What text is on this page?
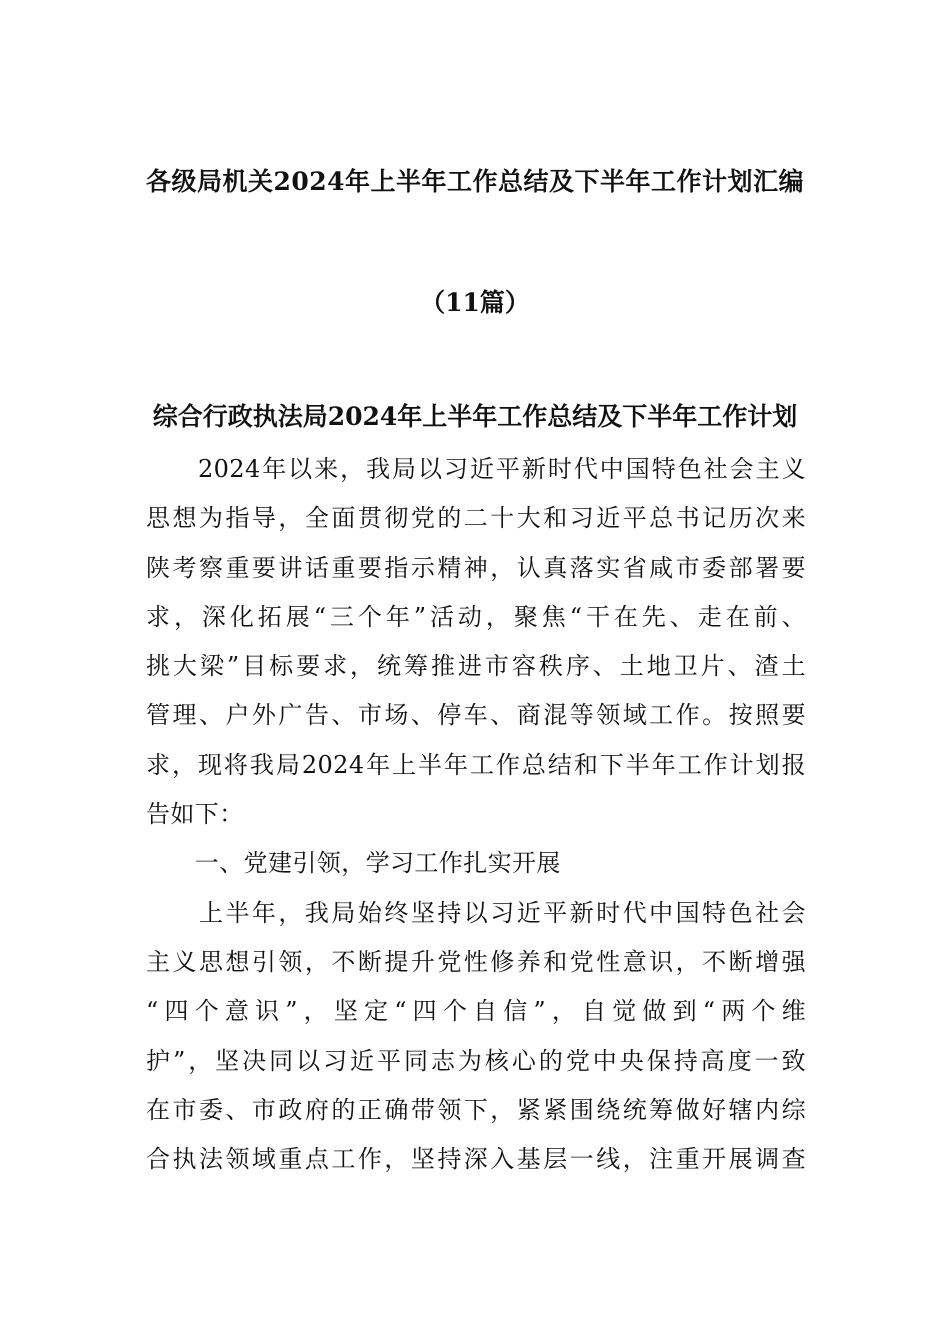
各级局机关2024年上半年工作总结及下半年工作计划汇编
（11篇）
综合行政执法局2024年上半年工作总结及下半年工作计划
　　2024年以来，我局以习近平新时代中国特色社会主义
思想为指导，全面贯彻党的二十大和习近平总书记历次来
陕考察重要讲话重要指示精神，认真落实省咸市委部署要
求，深化拓展“三个年”活动，聚焦“干在先、走在前、
挑大梁”目标要求，统筹推进市容秩序、土地卫片、渣土
管理、户外广告、市场、停车、商混等领域工作。按照要
求，现将我局2024年上半年工作总结和下半年工作计划报
告如下：
　　一、党建引领，学习工作扎实开展
　　上半年，我局始终坚持以习近平新时代中国特色社会
主义思想引领，不断提升党性修养和党性意识，不断增强
“四个意识”，坚定“四个自信”，自觉做到“两个维
护”，坚决同以习近平同志为核心的党中央保持高度一致
在市委、市政府的正确带领下，紧紧围绕统筹做好辖内综
合执法领域重点工作，坚持深入基层一线，注重开展调查
